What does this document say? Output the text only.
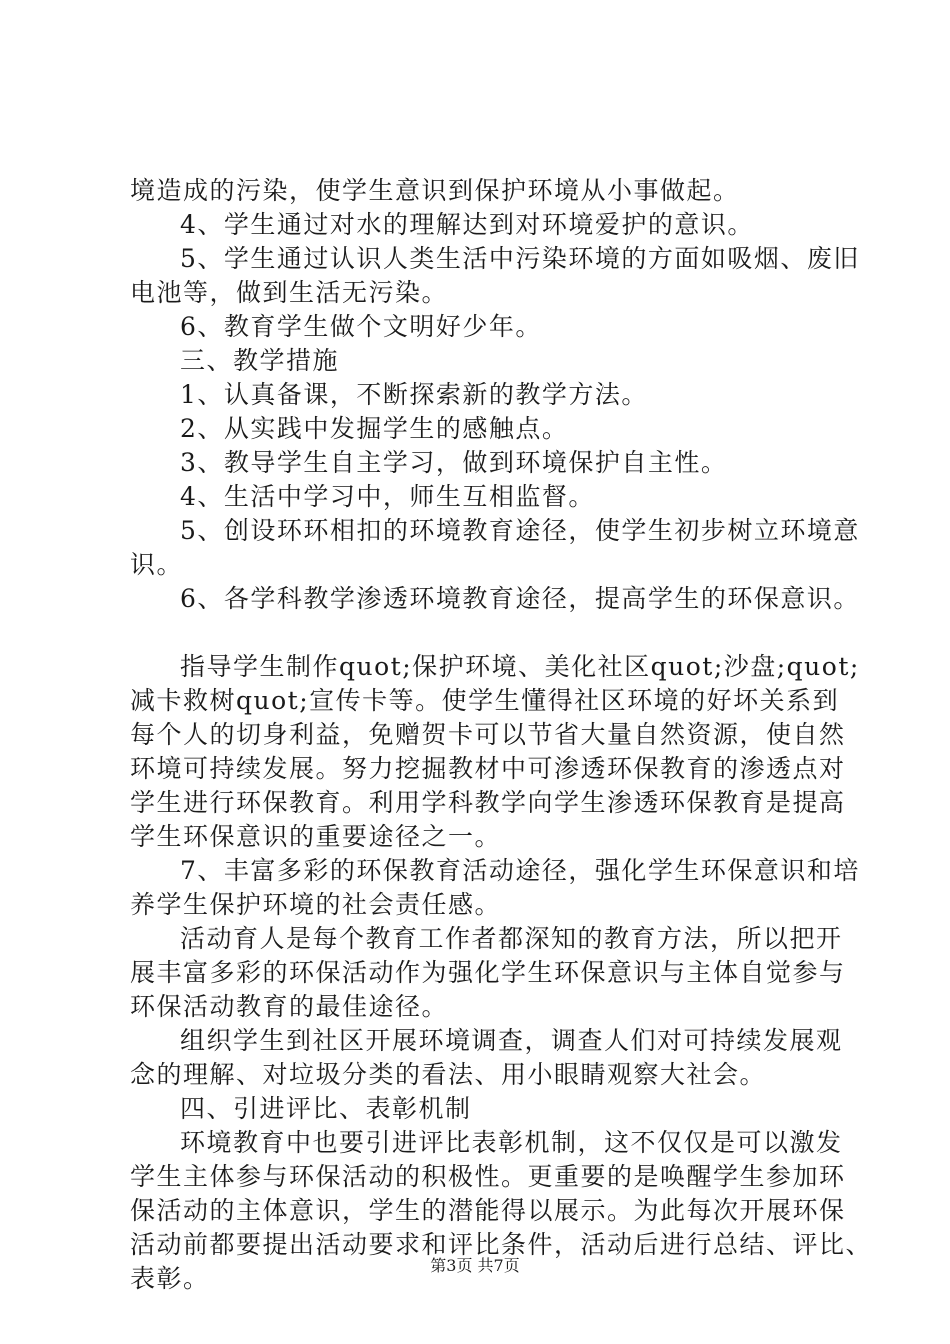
境造成的污染，使学生意识到保护环境从小事做起。
4、学生通过对水的理解达到对环境爱护的意识。
5、学生通过认识人类生活中污染环境的方面如吸烟、废旧
电池等，做到生活无污染。
6、教育学生做个文明好少年。
三、教学措施
1、认真备课，不断探索新的教学方法。
2、从实践中发掘学生的感触点。
3、教导学生自主学习，做到环境保护自主性。
4、生活中学习中，师生互相监督。
5、创设环环相扣的环境教育途径，使学生初步树立环境意
识。
6、各学科教学渗透环境教育途径，提高学生的环保意识。
指导学生制作quot;保护环境、美化社区quot;沙盘;quot;
减卡救树quot;宣传卡等。使学生懂得社区环境的好坏关系到
每个人的切身利益，免赠贺卡可以节省大量自然资源，使自然
环境可持续发展。努力挖掘教材中可渗透环保教育的渗透点对
学生进行环保教育。利用学科教学向学生渗透环保教育是提高
学生环保意识的重要途径之一。
7、丰富多彩的环保教育活动途径，强化学生环保意识和培
养学生保护环境的社会责任感。
活动育人是每个教育工作者都深知的教育方法，所以把开
展丰富多彩的环保活动作为强化学生环保意识与主体自觉参与
环保活动教育的最佳途径。
组织学生到社区开展环境调查，调查人们对可持续发展观
念的理解、对垃圾分类的看法、用小眼睛观察大社会。
四、引进评比、表彰机制
环境教育中也要引进评比表彰机制，这不仅仅是可以激发
学生主体参与环保活动的积极性。更重要的是唤醒学生参加环
保活动的主体意识，学生的潜能得以展示。为此每次开展环保
活动前都要提出活动要求和评比条件，活动后进行总结、评比、
表彰。	第3页 共7页
